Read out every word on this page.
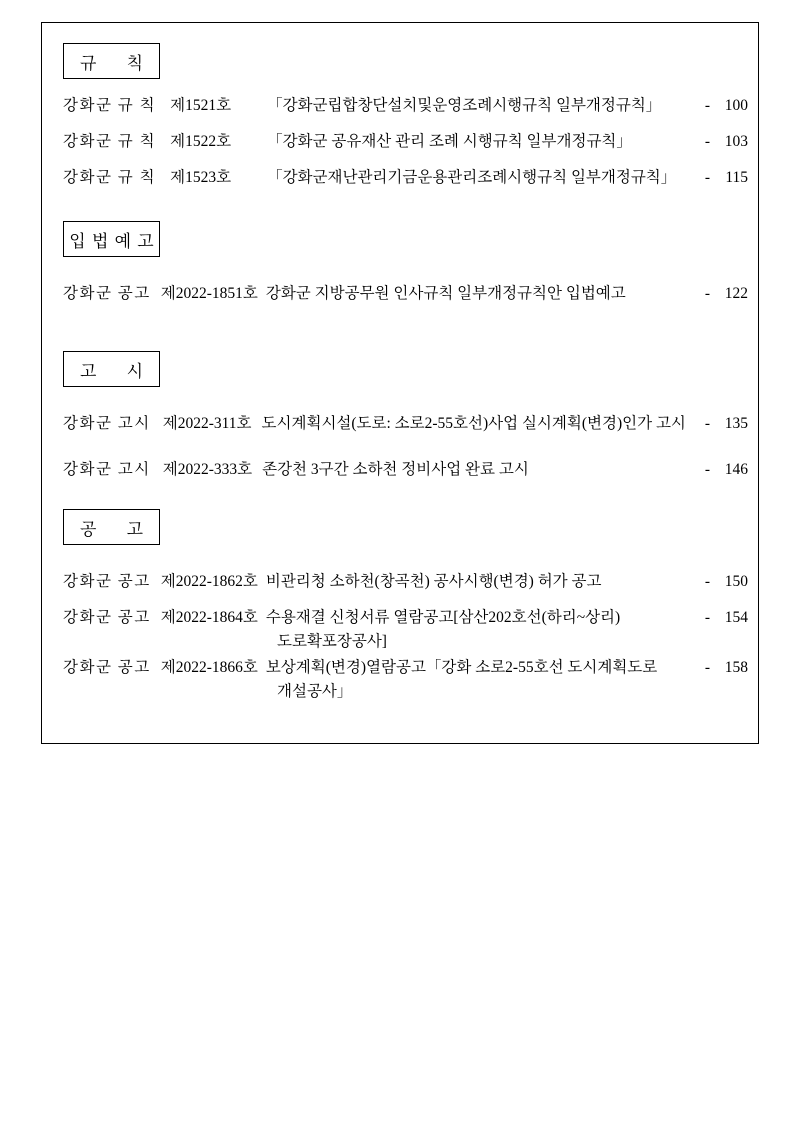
규 칙
강화군 규 칙 제1521호 「강화군립합창단설치및운영조례시행규칙 일부개정규칙」	- 100
강화군 규 칙 제1522호 「강화군 공유재산 관리 조례 시행규칙 일부개정규칙」	- 103
강화군 규 칙 제1523호 「강화군재난관리기금운용관리조례시행규칙 일부개정규칙」	- 115
입 법 예 고
강화군 공고 제2022-1851호 강화군 지방공무원 인사규칙 일부개정규칙안 입법예고	- 122
고 시
강화군 고시 제2022-311호 도시계획시설(도로: 소로2-55호선)사업 실시계획(변경)인가 고시	- 135
강화군 고시 제2022-333호 존강천 3구간 소하천 정비사업 완료 고시	- 146
공 고
강화군 공고 제2022-1862호 비관리청 소하천(창곡천) 공사시행(변경) 허가 공고	- 150
강화군 공고 제2022-1864호 수용재결 신청서류 열람공고[삼산202호선(하리~상리)	- 154
도로확포장공사]
강화군 공고 제2022-1866호 보상계획(변경)열람공고「강화 소로2-55호선 도시계획도로	- 158
개설공사」
